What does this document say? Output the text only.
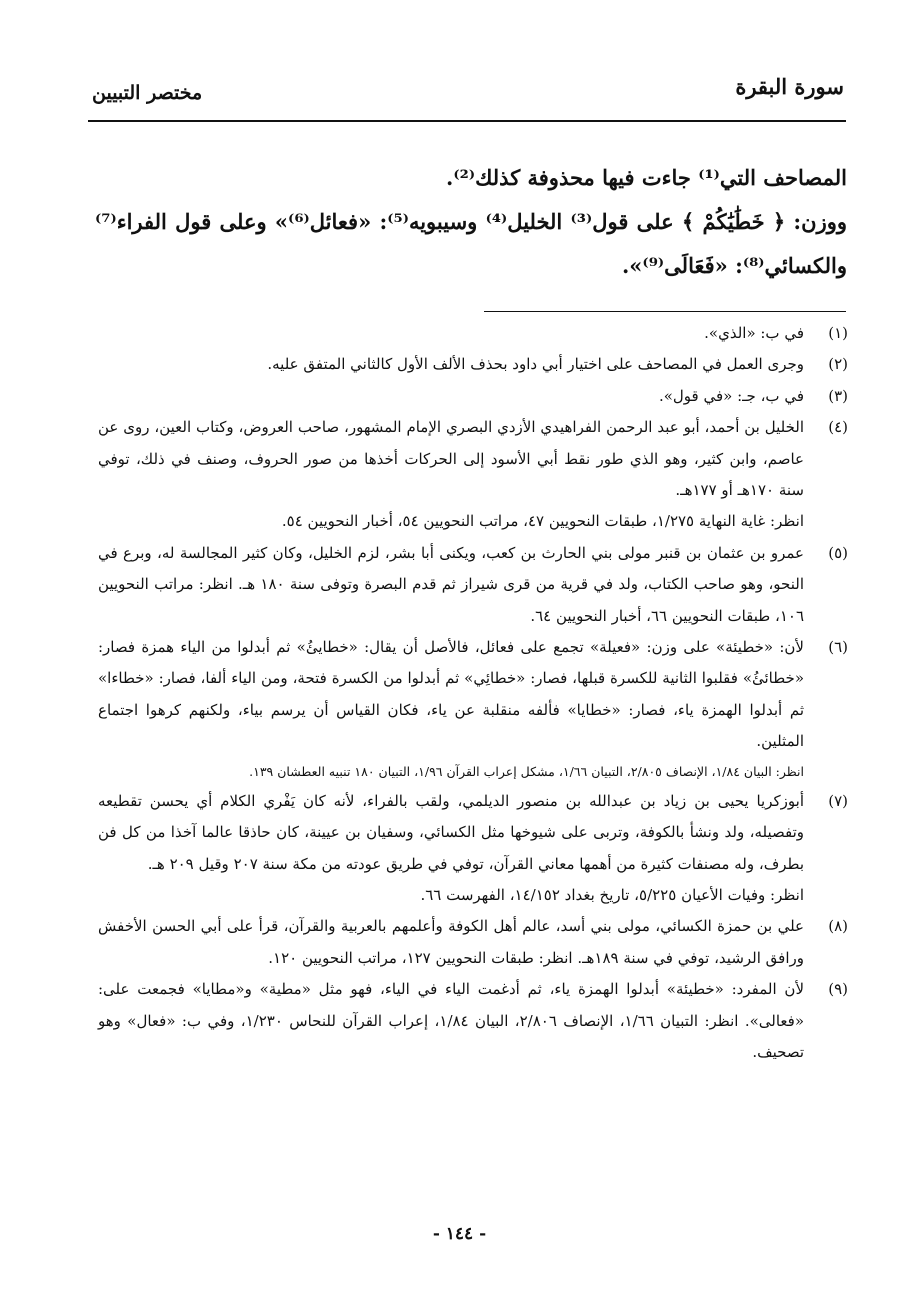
سورة البقرة
مختصر التبيين

المصاحف التي⁽¹⁾ جاءت فيها محذوفة كذلك⁽²⁾.

ووزن: ﴿ خَطَٰيَٰكُمْ ﴾ على قول⁽³⁾ الخليل⁽⁴⁾ وسيبويه⁽⁵⁾: «فعائل⁽⁶⁾» وعلى قول الفراء⁽⁷⁾ والكسائي⁽⁸⁾: «فَعَالَى⁽⁹⁾».

(١)
في ب: «الذي».

(٢)
وجرى العمل في المصاحف على اختيار أبي داود بحذف الألف الأول كالثاني المتفق عليه.

(٣)
في ب، جـ: «في قول».

(٤)
الخليل بن أحمد، أبو عبد الرحمن الفراهيدي الأزدي البصري الإمام المشهور، صاحب العروض، وكتاب العين، روى عن عاصم، وابن كثير، وهو الذي طور نقط أبي الأسود إلى الحركات أخذها من صور الحروف، وصنف في ذلك، توفي سنة ١٧٠هـ أو ١٧٧هـ.
انظر: غاية النهاية ١/٢٧٥، طبقات النحويين ٤٧، مراتب النحويين ٥٤، أخبار النحويين ٥٤.

(٥)
عمرو بن عثمان بن قنبر مولى بني الحارث بن كعب، ويكنى أبا بشر، لزم الخليل، وكان كثير المجالسة له، وبرع في النحو، وهو صاحب الكتاب، ولد في قرية من قرى شيراز ثم قدم البصرة وتوفى سنة ١٨٠ هـ. انظر: مراتب النحويين ١٠٦، طبقات النحويين ٦٦، أخبار النحويين ٦٤.

(٦)
لأن: «خطيئة» على وزن: «فعيلة» تجمع على فعائل، فالأصل أن يقال: «خطايئُ» ثم أبدلوا من الياء همزة فصار: «خطائئُ» فقلبوا الثانية للكسرة قبلها، فصار: «خطائِي» ثم أبدلوا من الكسرة فتحة، ومن الياء ألفا، فصار: «خطاءا» ثم أبدلوا الهمزة ياء، فصار: «خطايا» فألفه منقلبة عن ياء، فكان القياس أن يرسم بياء، ولكنهم كرهوا اجتماع المثلين.
انظر: البيان ١/٨٤، الإنصاف ٢/٨٠٥، التبيان ١/٦٦، مشكل إعراب القرآن ١/٩٦، التبيان ١٨٠ تنبيه العطشان ١٣٩.

(٧)
أبوزكريا يحيى بن زياد بن عبدالله بن منصور الديلمي، ولقب بالفراء، لأنه كان يَفْري الكلام أي يحسن تقطيعه وتفصيله، ولد ونشأ بالكوفة، وتربى على شيوخها مثل الكسائي، وسفيان بن عيينة، كان حاذقا عالما آخذا من كل فن بطرف، وله مصنفات كثيرة من أهمها معاني القرآن، توفي في طريق عودته من مكة سنة ٢٠٧ وقيل ٢٠٩ هـ.
انظر: وفيات الأعيان ٥/٢٢٥، تاريخ بغداد ١٤/١٥٢، الفهرست ٦٦.

(٨)
علي بن حمزة الكسائي، مولى بني أسد، عالم أهل الكوفة وأعلمهم بالعربية والقرآن، قرأ على أبي الحسن الأخفش ورافق الرشيد، توفي في سنة ١٨٩هـ. انظر: طبقات النحويين ١٢٧، مراتب النحويين ١٢٠.

(٩)
لأن المفرد: «خطيئة» أبدلوا الهمزة ياء، ثم أدغمت الياء في الياء، فهو مثل «مطية» و«مطايا» فجمعت على: «فعالى». انظر: التبيان ١/٦٦، الإنصاف ٢/٨٠٦، البيان ١/٨٤، إعراب القرآن للنحاس ١/٢٣٠، وفي ب: «فعال» وهو تصحيف.

- ١٤٤ -
